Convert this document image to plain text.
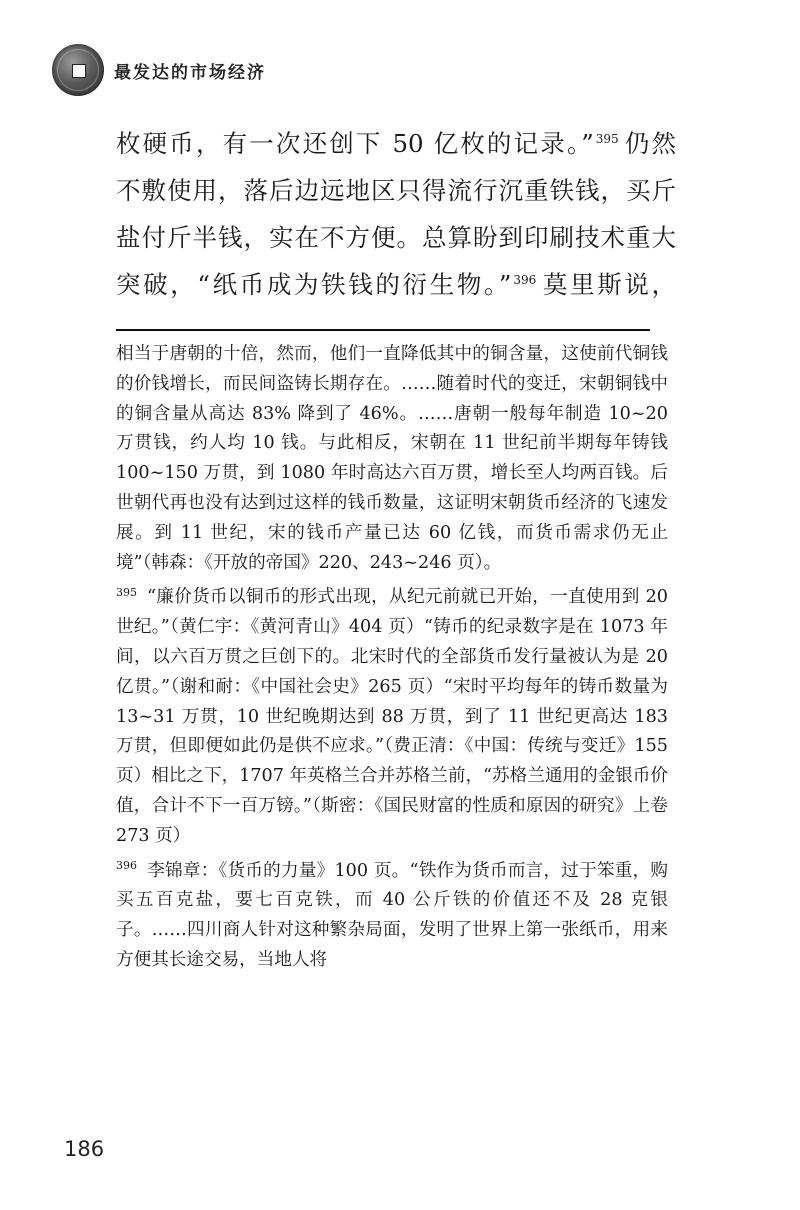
最发达的市场经济

枚硬币，有一次还创下 50 亿枚的记录。” $^{395}$ 仍然

不敷使用，落后边远地区只得流行沉重铁钱，买斤

盐付斤半钱，实在不方便。总算盼到印刷技术重大

突破，“纸币成为铁钱的衍生物。” $^{396}$ 莫里斯说，

相当于唐朝的十倍，然而，他们一直降低其中的铜含量，这使前代铜钱的价钱增长，而民间盗铸长期存在。……随着时代的变迁，宋朝铜钱中的铜含量从高达 83% 降到了 46%。……唐朝一般每年制造 10~20 万贯钱，约人均 10 钱。与此相反，宋朝在 11 世纪前半期每年铸钱 100~150 万贯，到 1080 年时高达六百万贯，增长至人均两百钱。后世朝代再也没有达到过这样的钱币数量，这证明宋朝货币经济的飞速发展。到 11 世纪，宋的钱币产量已达 60 亿钱，而货币需求仍无止境”（韩森：《开放的帝国》220、243~246 页）。

$^{395}$ “廉价货币以铜币的形式出现，从纪元前就已开始，一直使用到 20 世纪。”（黄仁宇：《黄河青山》404 页）“铸币的纪录数字是在 1073 年间，以六百万贯之巨创下的。北宋时代的全部货币发行量被认为是 20 亿贯。”（谢和耐：《中国社会史》265 页）“宋时平均每年的铸币数量为 13~31 万贯，10 世纪晚期达到 88 万贯，到了 11 世纪更高达 183 万贯，但即便如此仍是供不应求。”（费正清：《中国：传统与变迁》155 页）相比之下，1707 年英格兰合并苏格兰前，“苏格兰通用的金银币价值，合计不下一百万镑。”（斯密：《国民财富的性质和原因的研究》上卷 273 页）

$^{396}$ 李锦章：《货币的力量》100 页。“铁作为货币而言，过于笨重，购买五百克盐，要七百克铁，而 40 公斤铁的价值还不及 28 克银子。……四川商人针对这种繁杂局面，发明了世界上第一张纸币，用来方便其长途交易，当地人将

186
